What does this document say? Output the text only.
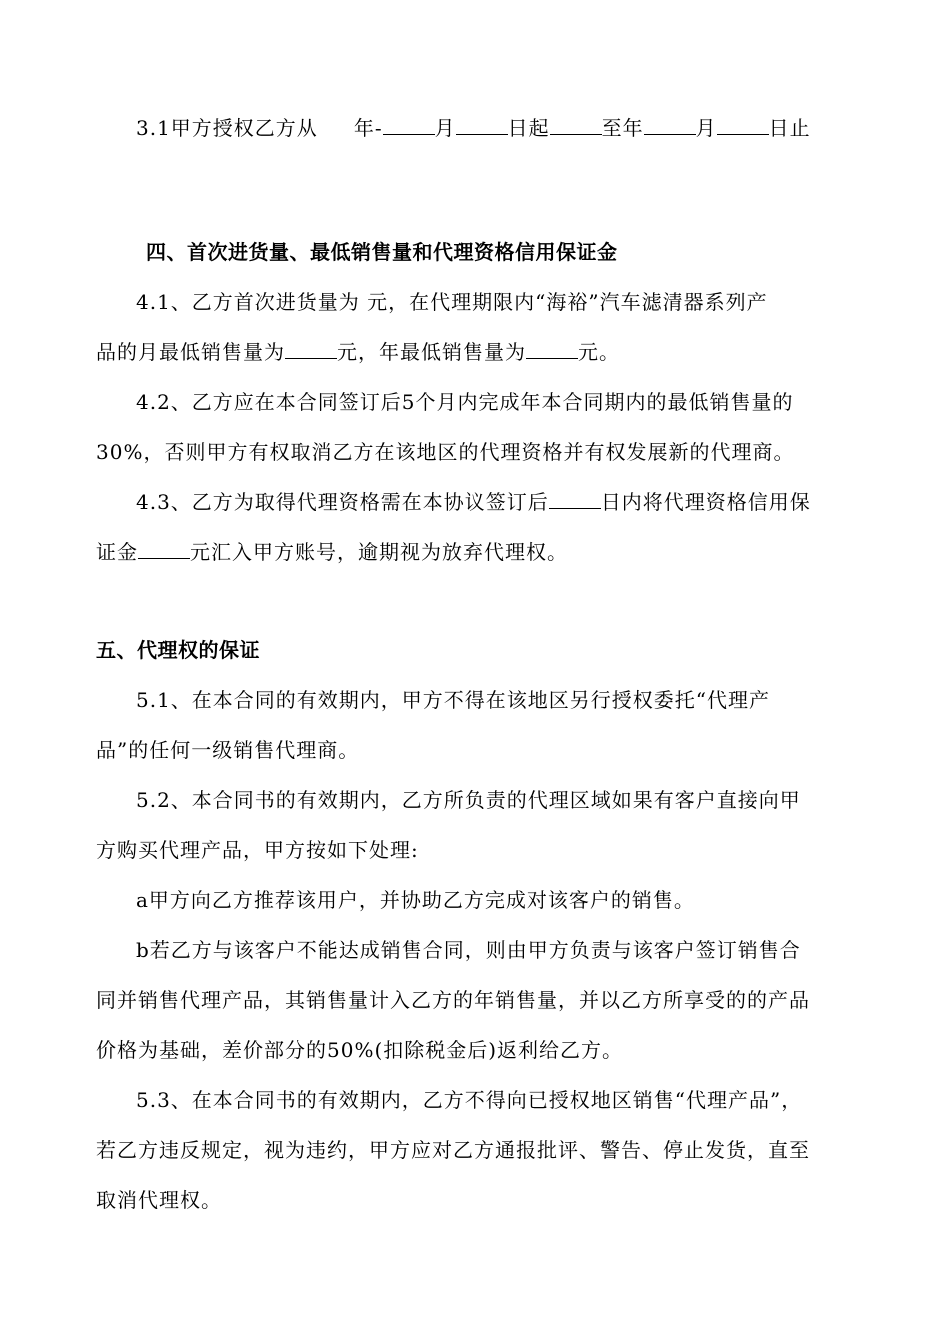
3.1甲方授权乙方从 年-	月	日起	至年	月	日止
四、首次进货量、最低销售量和代理资格信用保证金
4.1、乙方首次进货量为 元，在代理期限内“海裕”汽车滤清器系列产
品的月最低销售量为	元，年最低销售量为	元。
4.2、乙方应在本合同签订后5个月内完成年本合同期内的最低销售量的
30%，否则甲方有权取消乙方在该地区的代理资格并有权发展新的代理商。
4.3、乙方为取得代理资格需在本协议签订后	日内将代理资格信用保
证金	元汇入甲方账号，逾期视为放弃代理权。
五、代理权的保证
5.1、在本合同的有效期内，甲方不得在该地区另行授权委托“代理产
品”的任何一级销售代理商。
5.2、本合同书的有效期内，乙方所负责的代理区域如果有客户直接向甲
方购买代理产品，甲方按如下处理:
a甲方向乙方推荐该用户，并协助乙方完成对该客户的销售。
b若乙方与该客户不能达成销售合同，则由甲方负责与该客户签订销售合
同并销售代理产品，其销售量计入乙方的年销售量，并以乙方所享受的的产品
价格为基础，差价部分的50%(扣除税金后)返利给乙方。
5.3、在本合同书的有效期内，乙方不得向已授权地区销售“代理产品”，
若乙方违反规定，视为违约，甲方应对乙方通报批评、警告、停止发货，直至
取消代理权。
